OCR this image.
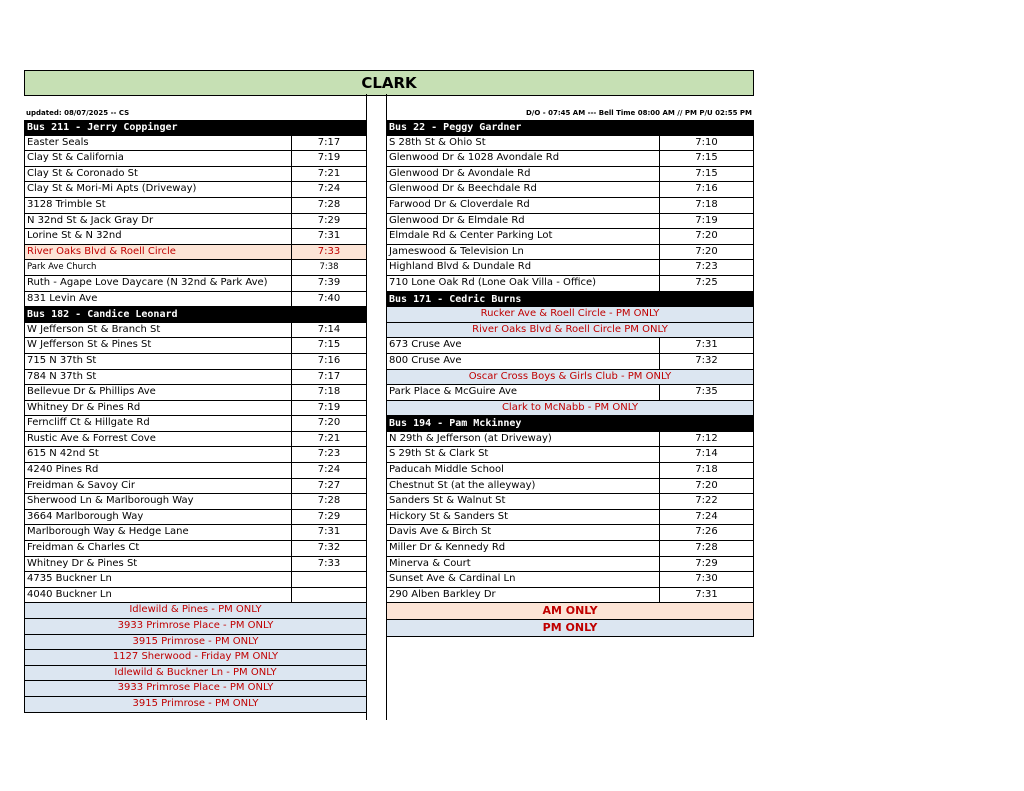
CLARK
updated: 08/07/2025 -- CS	D/O - 07:45 AM --- Bell Time 08:00 AM // PM P/U 02:55 PM
Bus 211 - Jerry Coppinger
Easter Seals	7:17
Clay St & California	7:19
Clay St & Coronado St	7:21
Clay St & Mori-Mi Apts (Driveway)	7:24
3128 Trimble St	7:28
N 32nd St & Jack Gray Dr	7:29
Lorine St & N 32nd	7:31
River Oaks Blvd & Roell Circle	7:33
Park Ave Church	7:38
Ruth - Agape Love Daycare (N 32nd & Park Ave)	7:39
831 Levin Ave	7:40
Bus 182 - Candice Leonard
W Jefferson St & Branch St	7:14
W Jefferson St & Pines St	7:15
715 N 37th St	7:16
784 N 37th St	7:17
Bellevue Dr & Phillips Ave	7:18
Whitney Dr & Pines Rd	7:19
Ferncliff Ct & Hillgate Rd	7:20
Rustic Ave & Forrest Cove	7:21
615 N 42nd St	7:23
4240 Pines Rd	7:24
Freidman & Savoy Cir	7:27
Sherwood Ln & Marlborough Way	7:28
3664 Marlborough Way	7:29
Marlborough Way & Hedge Lane	7:31
Freidman & Charles Ct	7:32
Whitney Dr & Pines St	7:33
4735 Buckner Ln
4040 Buckner Ln
Idlewild & Pines - PM ONLY
3933 Primrose Place - PM ONLY
3915 Primrose - PM ONLY
1127 Sherwood - Friday PM ONLY
Idlewild & Buckner Ln - PM ONLY
3933 Primrose Place - PM ONLY
3915 Primrose - PM ONLY
Bus 22 - Peggy Gardner
S 28th St & Ohio St	7:10
Glenwood Dr & 1028 Avondale Rd	7:15
Glenwood Dr & Avondale Rd	7:15
Glenwood Dr & Beechdale Rd	7:16
Farwood Dr & Cloverdale Rd	7:18
Glenwood Dr & Elmdale Rd	7:19
Elmdale Rd & Center Parking Lot	7:20
Jameswood & Television Ln	7:20
Highland Blvd & Dundale Rd	7:23
710 Lone Oak Rd (Lone Oak Villa - Office)	7:25
Bus 171 - Cedric Burns
Rucker Ave & Roell Circle - PM ONLY
River Oaks Blvd & Roell Circle PM ONLY
673 Cruse Ave	7:31
800 Cruse Ave	7:32
Oscar Cross Boys & Girls Club - PM ONLY
Park Place & McGuire Ave	7:35
Clark to McNabb - PM ONLY
Bus 194 - Pam Mckinney
N 29th & Jefferson (at Driveway)	7:12
S 29th St & Clark St	7:14
Paducah Middle School	7:18
Chestnut St (at the alleyway)	7:20
Sanders St & Walnut St	7:22
Hickory St & Sanders St	7:24
Davis Ave & Birch St	7:26
Miller Dr & Kennedy Rd	7:28
Minerva & Court	7:29
Sunset Ave & Cardinal Ln	7:30
290 Alben Barkley Dr	7:31
AM ONLY
PM ONLY
